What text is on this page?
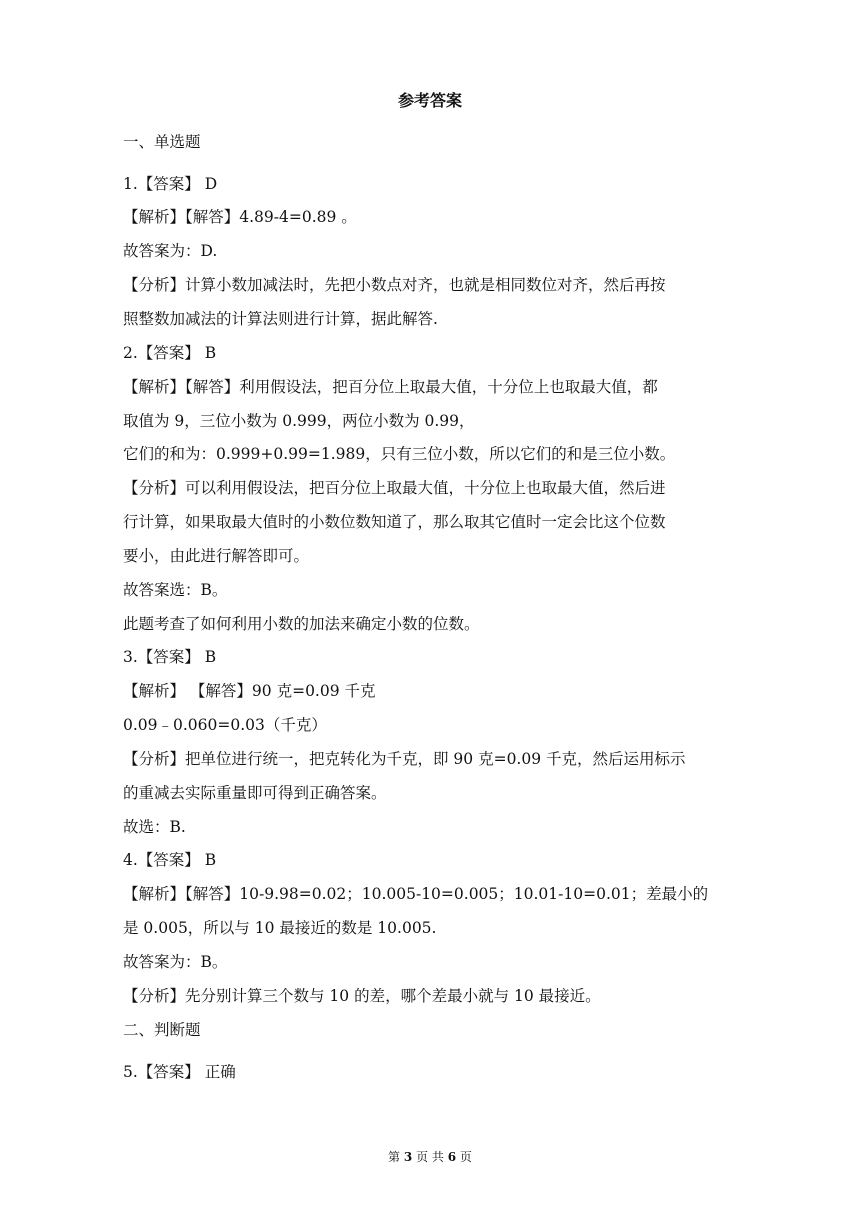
参考答案
一、单选题
1.【答案】 D
【解析】【解答】4.89-4=0.89 。
故答案为：D.
【分析】计算小数加减法时，先把小数点对齐，也就是相同数位对齐，然后再按
照整数加减法的计算法则进行计算，据此解答.
2.【答案】 B
【解析】【解答】利用假设法，把百分位上取最大值，十分位上也取最大值，都
取值为 9，三位小数为 0.999，两位小数为 0.99，
它们的和为：0.999+0.99=1.989，只有三位小数，所以它们的和是三位小数。
【分析】可以利用假设法，把百分位上取最大值，十分位上也取最大值，然后进
行计算，如果取最大值时的小数位数知道了，那么取其它值时一定会比这个位数
要小，由此进行解答即可。
故答案选：B。
此题考查了如何利用小数的加法来确定小数的位数。
3.【答案】 B
【解析】 【解答】90 克=0.09 千克
0.09﹣0.060=0.03（千克）
【分析】把单位进行统一，把克转化为千克，即 90 克=0.09 千克，然后运用标示
的重减去实际重量即可得到正确答案。
故选：B.
4.【答案】 B
【解析】【解答】10-9.98=0.02；10.005-10=0.005；10.01-10=0.01；差最小的
是 0.005，所以与 10 最接近的数是 10.005.
故答案为：B。
【分析】先分别计算三个数与 10 的差，哪个差最小就与 10 最接近。
二、判断题
5.【答案】 正确
第 3 页 共 6 页
